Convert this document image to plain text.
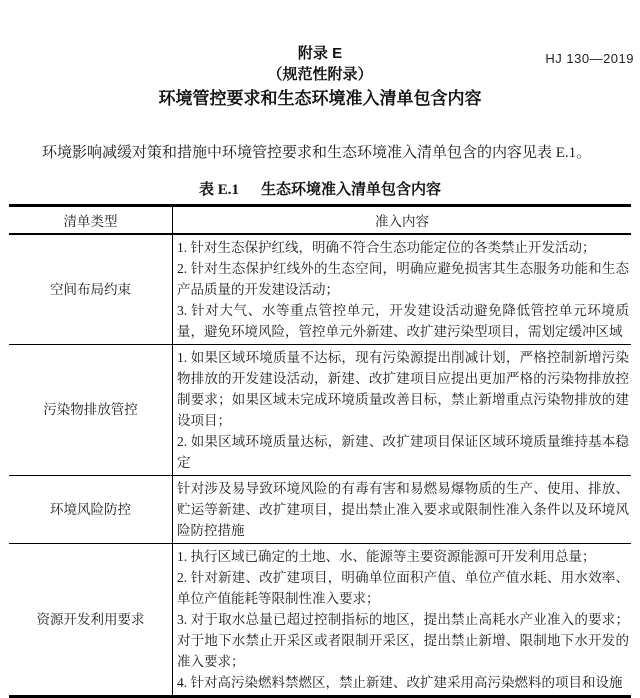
HJ 130—2019
附录 E
（规范性附录）
环境管控要求和生态环境准入清单包含内容

环境影响减缓对策和措施中环境管控要求和生态环境准入清单包含的内容见表 E.1。

表 E.1 生态环境准入清单包含内容
清单类型	准入内容
空间布局约束	1. 针对生态保护红线，明确不符合生态功能定位的各类禁止开发活动；

2. 针对生态保护红线外的生态空间，明确应避免损害其生态服务功能和生态产品质量的开发建设活动；

3. 针对大气、水等重点管控单元，开发建设活动避免降低管控单元环境质量，避免环境风险，管控单元外新建、改扩建污染型项目，需划定缓冲区域

污染物排放管控	1. 如果区域环境质量不达标，现有污染源提出削减计划，严格控制新增污染物排放的开发建设活动，新建、改扩建项目应提出更加严格的污染物排放控制要求；如果区域未完成环境质量改善目标，禁止新增重点污染物排放的建设项目；

2. 如果区域环境质量达标，新建、改扩建项目保证区域环境质量维持基本稳定

环境风险防控	针对涉及易导致环境风险的有毒有害和易燃易爆物质的生产、使用、排放、贮运等新建、改扩建项目，提出禁止准入要求或限制性准入条件以及环境风险防控措施

资源开发利用要求	1. 执行区域已确定的土地、水、能源等主要资源能源可开发利用总量；

2. 针对新建、改扩建项目，明确单位面积产值、单位产值水耗、用水效率、单位产值能耗等限制性准入要求；

3. 对于取水总量已超过控制指标的地区，提出禁止高耗水产业准入的要求；对于地下水禁止开采区或者限制开采区，提出禁止新增、限制地下水开发的准入要求；

4. 针对高污染燃料禁燃区，禁止新建、改扩建采用高污染燃料的项目和设施
